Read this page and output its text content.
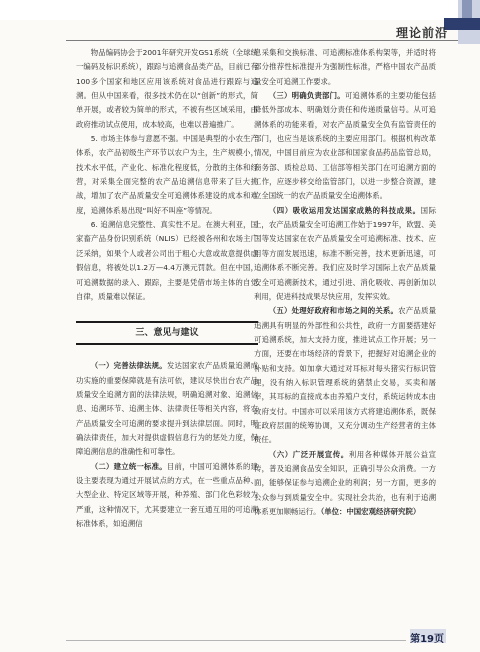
理论前沿

物品编码协会于2001年研究开发GS1系统（全球统一编码及标识系统），跟踪与追溯食品类产品，目前已有100多个国家和地区应用该系统对食品进行跟踪与追溯。但从中国来看，很多技术仍在以“创新”的形式，简单开展，或者较为简单的形式，不被有些区域采用，由政府推动试点使用，成本较高，也难以普遍推广。

5. 市场主体参与意愿不强。中国是典型的小农生产体系，农产品初级生产环节以农户为主，生产规模小，技术水平低，产业化、标准化程度低，分散的主体和经营，对采集全面完整的农产品追溯信息带来了巨大挑战，增加了农产品质量安全可追溯体系建设的成本和难度，追溯体系易出现“叫好不叫座”等情况。

6. 追溯信息完整性、真实性不足。在澳大利亚，国家畜产品身份识别系统（NLIS）已经被各州和农场主广泛采纳，如果个人或者公司出于粗心大意或故意提供虚假信息，将被处以1.2万—4.4万澳元罚款。但在中国，可追溯数据的录入、跟踪，主要是凭借市场主体的自觉自律，质量难以保证。

三、意见与建议

（一）完善法律法规。发达国家农产品质量追溯成功实施的重要保障就是有法可依，建议尽快出台农产品质量安全追溯方面的法律法规，明确追溯对象、追溯信息、追溯环节、追溯主体、法律责任等相关内容，将农产品质量安全可追溯的要求提升到法律层面。同时，明确法律责任，加大对提供虚假信息行为的惩处力度，保障追溯信息的准确性和可靠性。

（二）建立统一标准。目前，中国可追溯体系的建设主要表现为通过开展试点的方式，在一些重点品种、大型企业、特定区域等开展，种养殖、部门化色彩较为严重，这种情况下，尤其要建立一套互通互用的可追溯标准体系，如追溯信

息采集和交换标准、可追溯标准体系构架等，并适时将部分推荐性标准提升为强制性标准，严格中国农产品质量安全可追溯工作要求。

（三）明确负责部门。可追溯体系的主要功能包括降低外部成本、明确划分责任和传递质量信号。从可追溯体系的功能来看，对农产品质量安全负有监管责任的部门，也应当是该系统的主要应用部门。根据机构改革情况，中国目前应为农业部和国家食品药品监管总局，商务部、质检总局、工信部等相关部门在可追溯方面的工作，应逐步移交给监管部门，以进一步整合资源，建立全国统一的农产品质量安全追溯体系。

（四）吸收运用发达国家成熟的科技成果。国际上，农产品质量安全可追溯工作始于1997年，欧盟、美国等发达国家在农产品质量安全可追溯标准、技术、应用等方面发展迅速，标准不断完善，技术更新迅速，可追溯体系不断完善。我们应及时学习国际上农产品质量安全可追溯新技术，通过引进、消化吸收、再创新加以利用，促进科技成果尽快应用，发挥实效。

（五）处理好政府和市场之间的关系。农产品质量追溯具有明显的外部性和公共性，政府一方面要搭建好可追溯系统，加大支持力度，推进试点工作开展；另一方面，还要在市场经济的背景下，把握好对追溯企业的补贴和支持。如加拿大通过对耳标对每头猪实行标识管理，没有纳入标识管理系统的猪禁止交易，买卖和屠宰，其耳标的直接成本由养殖户支付，系统运转成本由政府支付。中国亦可以采用该方式将建追溯体系，既保证政府层面的统筹协调，又充分调动生产经营者的主体责任。

（六）广泛开展宣传。利用各种媒体开展公益宣传，普及追溯食品安全知识，正确引导公众消费。一方面，能够保证参与追溯企业的利润；另一方面，更多的公众参与到质量安全中。实现社会共治，也有利于追溯体系更加顺畅运行。（单位：中国宏观经济研究院）

第19页
